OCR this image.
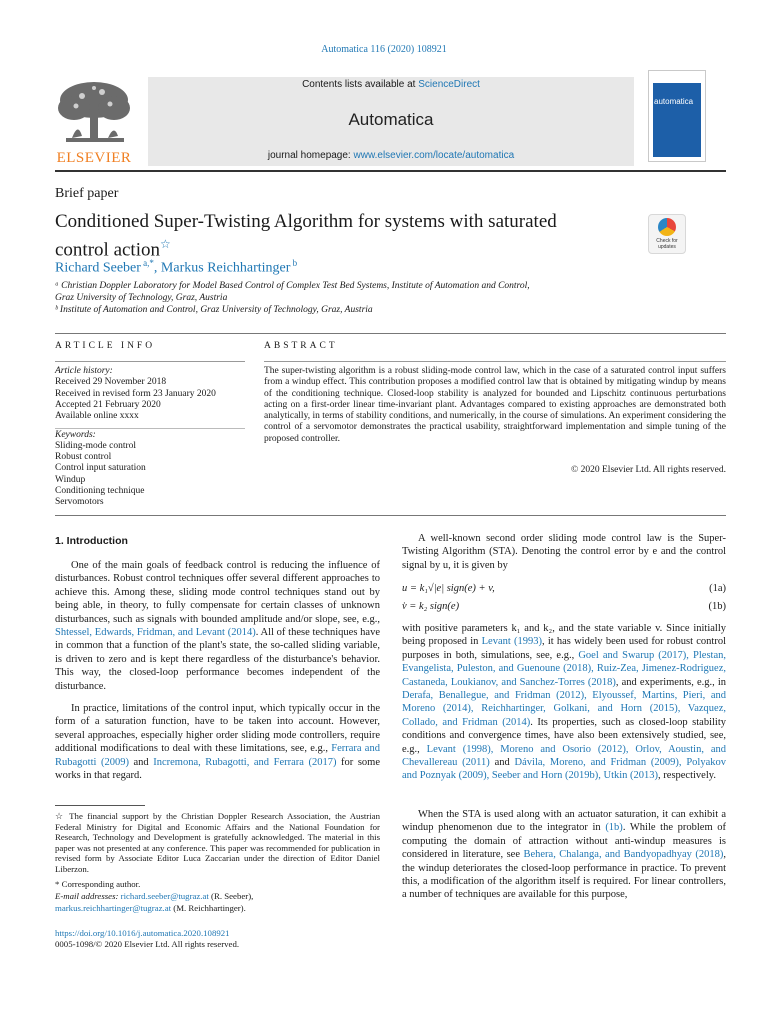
Automatica 116 (2020) 108921
ELSEVIER
Contents lists available at ScienceDirect
Automatica
journal homepage: www.elsevier.com/locate/automatica
automatica
Brief paper
Conditioned Super-Twisting Algorithm for systems with saturated control action☆	Check for updates
Richard Seeber $^{a,*}$, Markus Reichhartinger $^b$
ᵃ Christian Doppler Laboratory for Model Based Control of Complex Test Bed Systems, Institute of Automation and Control,
Graz University of Technology, Graz, Austria
ᵇ Institute of Automation and Control, Graz University of Technology, Graz, Austria
ARTICLE INFO	ABSTRACT
Article history:
Received 29 November 2018
Received in revised form 23 January 2020
Accepted 21 February 2020
Available online xxxx
Keywords:
Sliding-mode control
Robust control
Control input saturation
Windup
Conditioning technique
Servomotors
The super-twisting algorithm is a robust sliding-mode control law, which in the case of a saturated control input suffers from a windup effect. This contribution proposes a modified control law that is obtained by mitigating windup by means of the conditioning technique. Closed-loop stability is analyzed for bounded and Lipschitz continuous perturbations acting on a first-order linear time-invariant plant. Advantages compared to existing approaches are demonstrated both analytically, in terms of stability conditions, and numerically, in the course of simulations. An experiment considering the control of a servomotor demonstrates the practical usability, straightforward implementation and simple tuning of the proposed controller.
© 2020 Elsevier Ltd. All rights reserved.
1. Introduction
One of the main goals of feedback control is reducing the influence of disturbances. Robust control techniques offer several different approaches to achieve this. Among these, sliding mode control techniques stand out by being able, in theory, to fully compensate for certain classes of unknown disturbances, such as signals with bounded amplitude and/or slope, see, e.g., Shtessel, Edwards, Fridman, and Levant (2014). All of these techniques have in common that a function of the plant's state, the so-called sliding variable, is driven to zero and is kept there regardless of the disturbance's behavior. This way, the closed-loop performance becomes independent of the disturbance.
In practice, limitations of the control input, which typically occur in the form of a saturation function, have to be taken into account. However, several approaches, especially higher order sliding mode controllers, require additional modifications to deal with these limitations, see, e.g., Ferrara and Rubagotti (2009) and Incremona, Rubagotti, and Ferrara (2017) for some works in that regard.
☆ The financial support by the Christian Doppler Research Association, the Austrian Federal Ministry for Digital and Economic Affairs and the National Foundation for Research, Technology and Development is gratefully acknowledged. The material in this paper was not presented at any conference. This paper was recommended for publication in revised form by Associate Editor Luca Zaccarian under the direction of Editor Daniel Liberzon.
* Corresponding author.
E-mail addresses: richard.seeber@tugraz.at (R. Seeber),
markus.reichhartinger@tugraz.at (M. Reichhartinger).
https://doi.org/10.1016/j.automatica.2020.108921
0005-1098/© 2020 Elsevier Ltd. All rights reserved.
A well-known second order sliding mode control law is the Super-Twisting Algorithm (STA). Denoting the control error by e and the control signal by u, it is given by
u = k₁√|e| sign(e) + v,	(1a)
v̇ = k₂ sign(e)	(1b)
with positive parameters k₁ and k₂, and the state variable v. Since initially being proposed in Levant (1993), it has widely been used for robust control purposes in both, simulations, see, e.g., Goel and Swarup (2017), Plestan, Evangelista, Puleston, and Guenoune (2018), Ruiz-Zea, Jimenez-Rodriguez, Castaneda, Loukianov, and Sanchez-Torres (2018), and experiments, e.g., in Derafa, Benallegue, and Fridman (2012), Elyoussef, Martins, Pieri, and Moreno (2014), Reichhartinger, Golkani, and Horn (2015), Vazquez, Collado, and Fridman (2014). Its properties, such as closed-loop stability conditions and convergence times, have also been extensively studied, see, e.g., Levant (1998), Moreno and Osorio (2012), Orlov, Aoustin, and Chevallereau (2011) and Dávila, Moreno, and Fridman (2009), Polyakov and Poznyak (2009), Seeber and Horn (2019b), Utkin (2013), respectively.
When the STA is used along with an actuator saturation, it can exhibit a windup phenomenon due to the integrator in (1b). While the problem of computing the domain of attraction without anti-windup measures is considered in literature, see Behera, Chalanga, and Bandyopadhyay (2018), the windup deteriorates the closed-loop performance in practice. To prevent this, a modification of the algorithm itself is required. For linear controllers, a number of techniques are available for this purpose,
